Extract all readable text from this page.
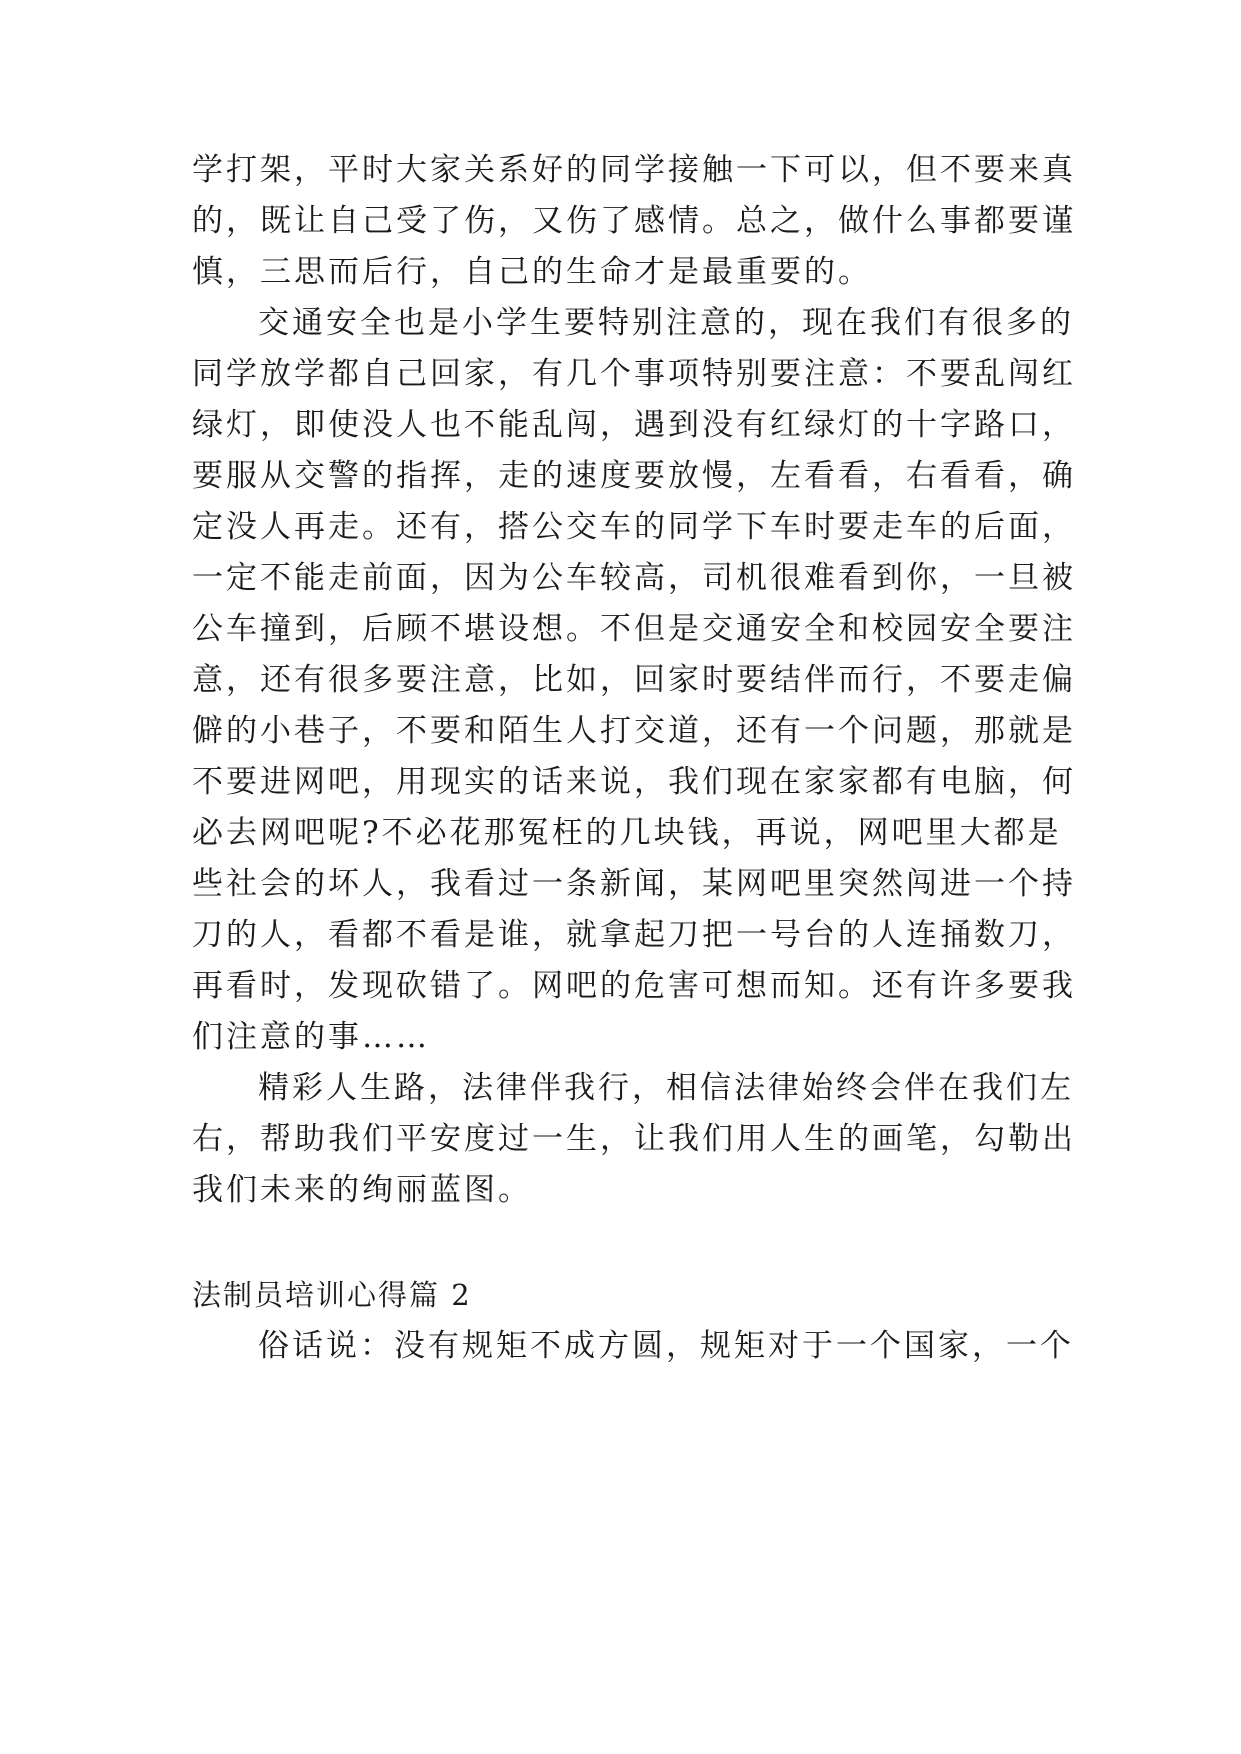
学打架，平时大家关系好的同学接触一下可以，但不要来真
的，既让自己受了伤，又伤了感情。总之，做什么事都要谨
慎，三思而后行，自己的生命才是最重要的。
交通安全也是小学生要特别注意的，现在我们有很多的
同学放学都自己回家，有几个事项特别要注意：不要乱闯红
绿灯，即使没人也不能乱闯，遇到没有红绿灯的十字路口，
要服从交警的指挥，走的速度要放慢，左看看，右看看，确
定没人再走。还有，搭公交车的同学下车时要走车的后面，
一定不能走前面，因为公车较高，司机很难看到你，一旦被
公车撞到，后顾不堪设想。不但是交通安全和校园安全要注
意，还有很多要注意，比如，回家时要结伴而行，不要走偏
僻的小巷子，不要和陌生人打交道，还有一个问题，那就是
不要进网吧，用现实的话来说，我们现在家家都有电脑，何
必去网吧呢?不必花那冤枉的几块钱，再说，网吧里大都是
些社会的坏人，我看过一条新闻，某网吧里突然闯进一个持
刀的人，看都不看是谁，就拿起刀把一号台的人连捅数刀，
再看时，发现砍错了。网吧的危害可想而知。还有许多要我
们注意的事……
精彩人生路，法律伴我行，相信法律始终会伴在我们左
右，帮助我们平安度过一生，让我们用人生的画笔，勾勒出
我们未来的绚丽蓝图。
法制员培训心得篇 2
俗话说：没有规矩不成方圆，规矩对于一个国家，一个
